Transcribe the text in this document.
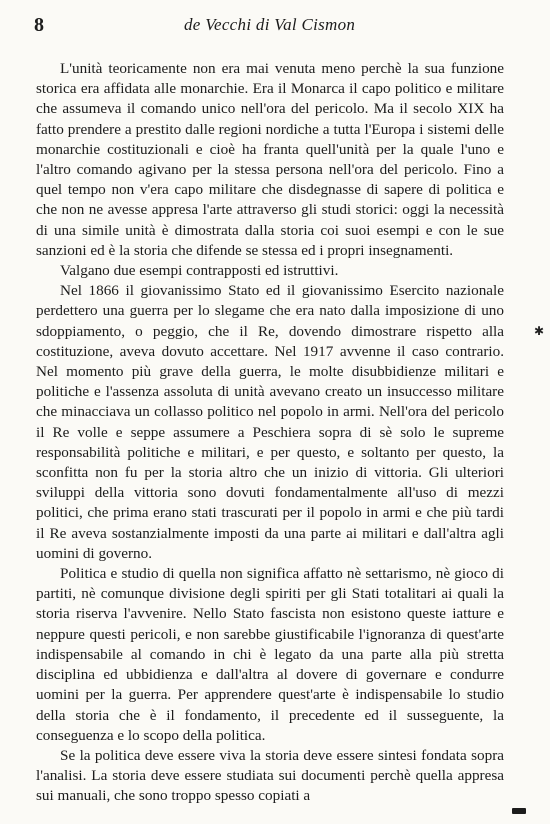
8	de Vecchi di Val Cismon

L'unità teoricamente non era mai venuta meno perchè la sua funzione storica era affidata alle monarchie. Era il Monarca il capo politico e militare che assumeva il comando unico nell'ora del pericolo. Ma il secolo XIX ha fatto prendere a prestito dalle regioni nordiche a tutta l'Europa i sistemi delle monarchie costituzionali e cioè ha franta quell'unità per la quale l'uno e l'altro comando agivano per la stessa persona nell'ora del pericolo. Fino a quel tempo non v'era capo militare che disdegnasse di sapere di politica e che non ne avesse appresa l'arte attraverso gli studi storici: oggi la necessità di una simile unità è dimostrata dalla storia coi suoi esempi e con le sue sanzioni ed è la storia che difende se stessa ed i propri insegnamenti.

Valgano due esempi contrapposti ed istruttivi.

Nel 1866 il giovanissimo Stato ed il giovanissimo Esercito nazionale perdettero una guerra per lo slegame che era nato dalla imposizione di uno sdoppiamento, o peggio, che il Re, dovendo dimostrare rispetto alla costituzione, aveva dovuto accettare. Nel 1917 avvenne il caso contrario. Nel momento più grave della guerra, le molte disubbidienze militari e politiche e l'assenza assoluta di unità avevano creato un insuccesso militare che minacciava un collasso politico nel popolo in armi. Nell'ora del pericolo il Re volle e seppe assumere a Peschiera sopra di sè solo le supreme responsabilità politiche e militari, e per questo, e soltanto per questo, la sconfitta non fu per la storia altro che un inizio di vittoria. Gli ulteriori sviluppi della vittoria sono dovuti fondamentalmente all'uso di mezzi politici, che prima erano stati trascurati per il popolo in armi e che più tardi il Re aveva sostanzialmente imposti da una parte ai militari e dall'altra agli uomini di governo.

Politica e studio di quella non significa affatto nè settarismo, nè gioco di partiti, nè comunque divisione degli spiriti per gli Stati totalitari ai quali la storia riserva l'avvenire. Nello Stato fascista non esistono queste iatture e neppure questi pericoli, e non sarebbe giustificabile l'ignoranza di quest'arte indispensabile al comando in chi è legato da una parte alla più stretta disciplina ed ubbidienza e dall'altra al dovere di governare e condurre uomini per la guerra. Per apprendere quest'arte è indispensabile lo studio della storia che è il fondamento, il precedente ed il susseguente, la conseguenza e lo scopo della politica.

Se la politica deve essere viva la storia deve essere sintesi fondata sopra l'analisi. La storia deve essere studiata sui documenti perchè quella appresa sui manuali, che sono troppo spesso copiati a

✱
